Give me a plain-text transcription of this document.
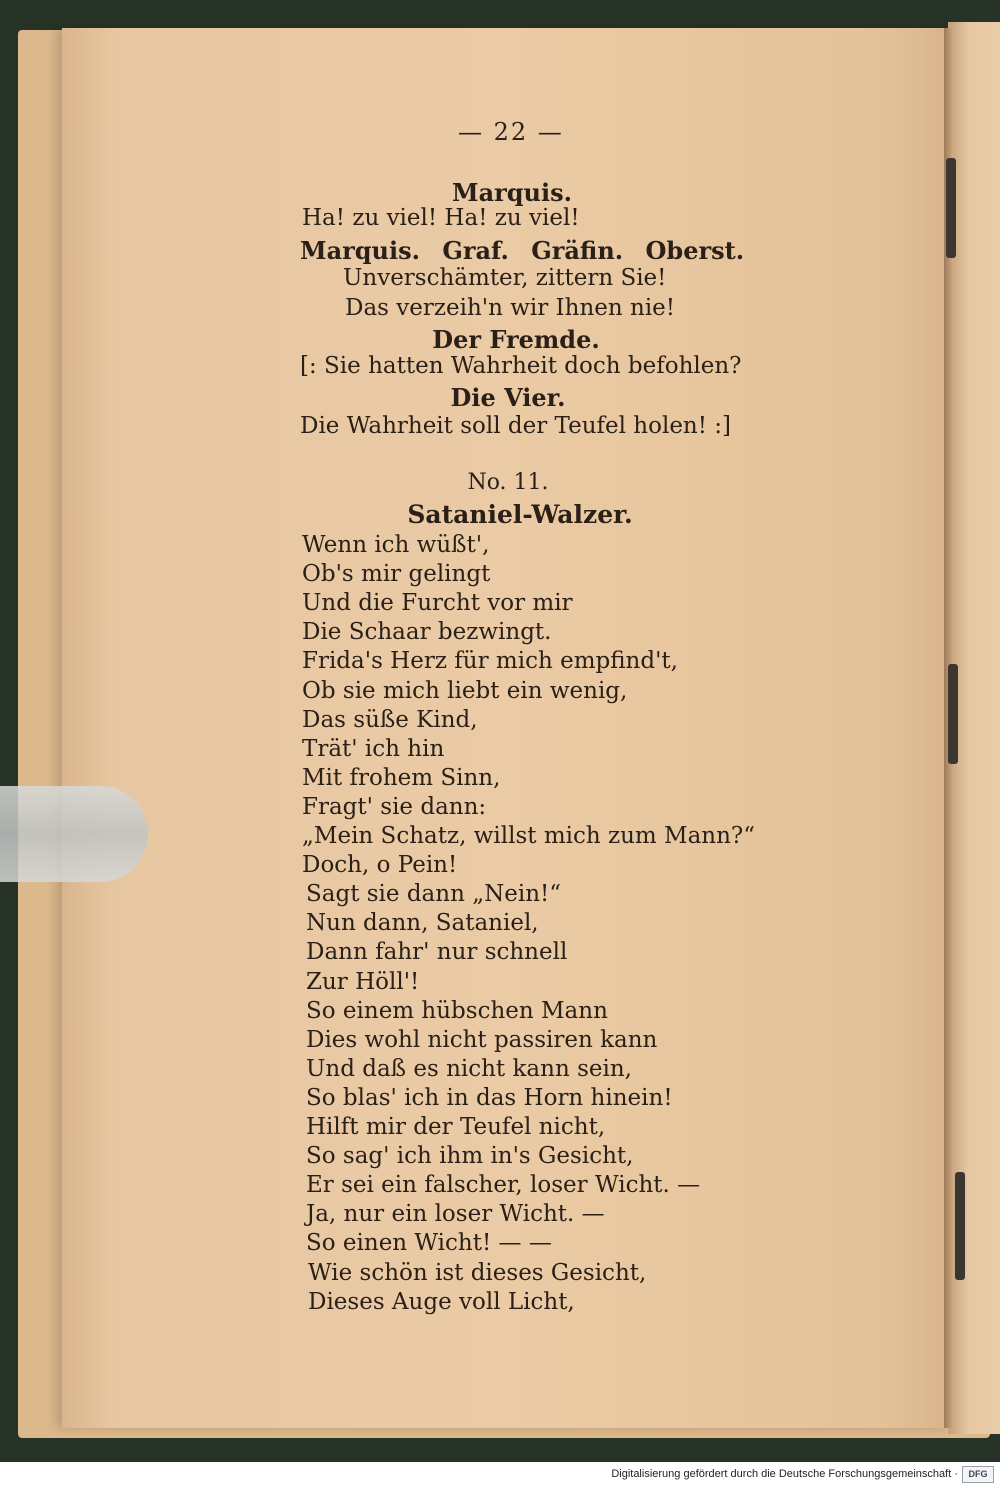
— 22 —
Marquis.
Ha! zu viel! Ha! zu viel!
Marquis. Graf. Gräfin. Oberst.
Unverschämter, zittern Sie!
Das verzeih'n wir Ihnen nie!
Der Fremde.
[: Sie hatten Wahrheit doch befohlen?
Die Vier.
Die Wahrheit soll der Teufel holen! :]
No. 11.
Sataniel-Walzer.
Wenn ich wüßt',
Ob's mir gelingt
Und die Furcht vor mir
Die Schaar bezwingt.
Frida's Herz für mich empfind't,
Ob sie mich liebt ein wenig,
Das süße Kind,
Trät' ich hin
Mit frohem Sinn,
Fragt' sie dann:
„Mein Schatz, willst mich zum Mann?“
Doch, o Pein!
Sagt sie dann „Nein!“
Nun dann, Sataniel,
Dann fahr' nur schnell
Zur Höll'!
So einem hübschen Mann
Dies wohl nicht passiren kann
Und daß es nicht kann sein,
So blas' ich in das Horn hinein!
Hilft mir der Teufel nicht,
So sag' ich ihm in's Gesicht,
Er sei ein falscher, loser Wicht. —
Ja, nur ein loser Wicht. —
So einen Wicht! — —
Wie schön ist dieses Gesicht,
Dieses Auge voll Licht,
Digitalisierung gefördert durch die Deutsche Forschungsgemeinschaft ·	DFG
